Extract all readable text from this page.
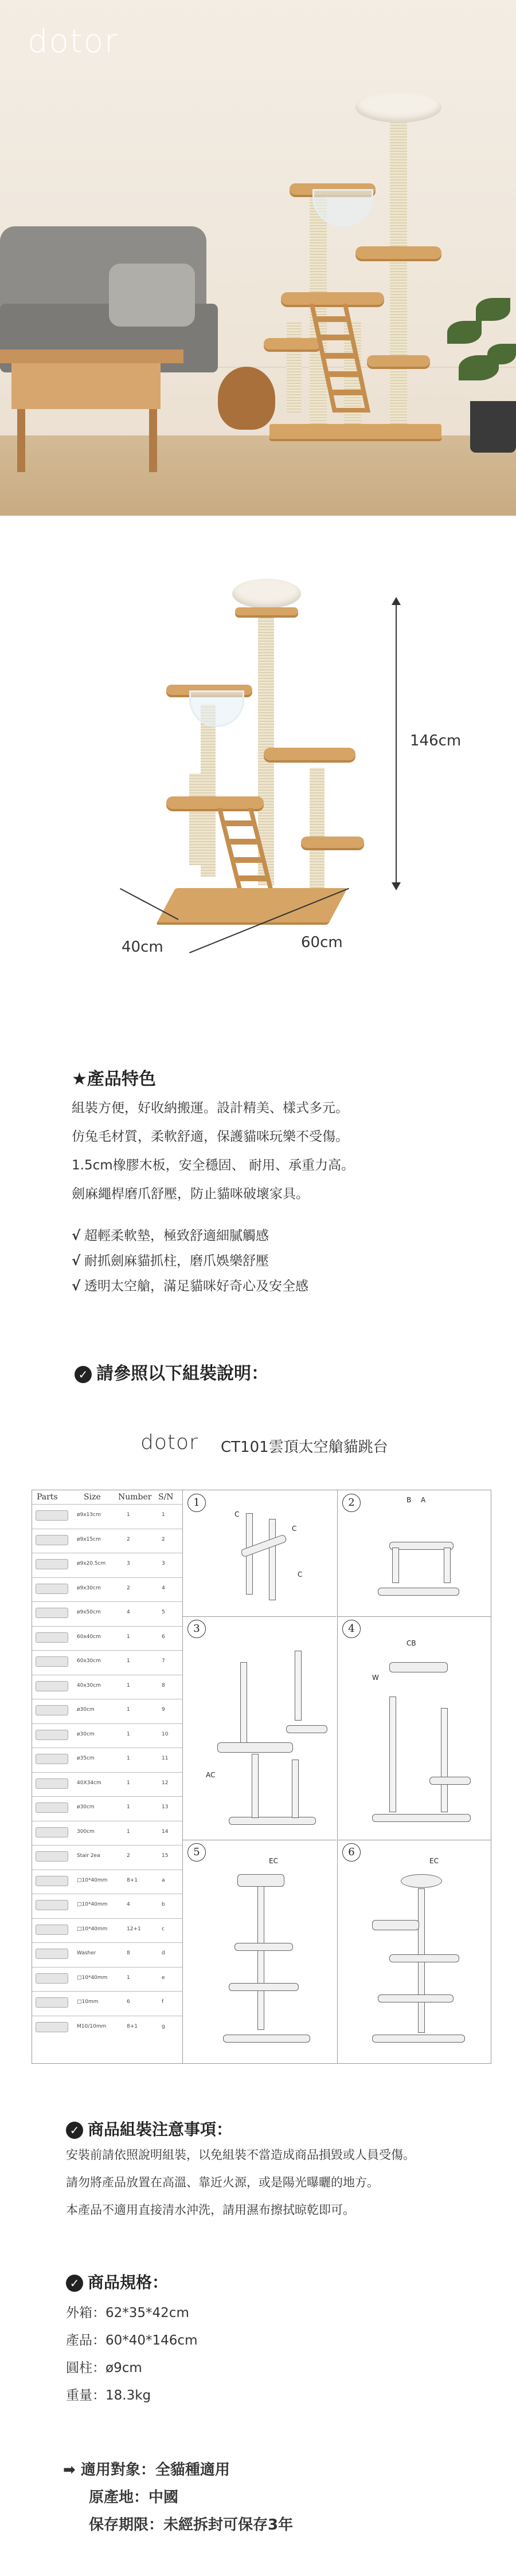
dotor
146cm
40cm	60cm
★產品特色
組裝方便，好收納搬運。設計精美、樣式多元。
仿兔毛材質，柔軟舒適，保護貓咪玩樂不受傷。
1.5cm橡膠木板，安全穩固、 耐用、承重力高。
劍麻繩桿磨爪舒壓，防止貓咪破壞家具。
√ 超輕柔軟墊，極致舒適細膩觸感
√ 耐抓劍麻貓抓柱，磨爪娛樂舒壓
√ 透明太空艙，滿足貓咪好奇心及安全感
✓ 請參照以下組裝說明：
dotor CT101雲頂太空艙貓跳台
Parts	Size Number S/N
ø9x13cm	1	1
ø9x15cm	2	2
ø9x20.5cm	3	3
ø9x30cm	2	4
ø9x50cm	4	5
60x40cm	1	6
60x30cm	1	7
40x30cm	1	8
ø30cm	1	9
ø30cm	1	10
ø35cm	1	11
40X34cm	1	12
ø30cm	1	13
300cm	1	14
Stair 2ea	2	15
□10*40mm	8+1	a
□10*40mm	4	b
□10*40mm	12+1	c
Washer	8	d
□10*40mm	1	e
□10mm	6	f
M10/10mm	8+1	g
1
C
C
C
2	B A
3
AC
4
CB
W
5
EC
6
EC
✓ 商品組裝注意事項：
安裝前請依照說明組裝，以免組裝不當造成商品損毀或人員受傷。
請勿將產品放置在高溫、靠近火源，或是陽光曝曬的地方。
本產品不適用直接清水沖洗，請用濕布擦拭晾乾即可。
✓ 商品規格：
外箱：62*35*42cm
產品：60*40*146cm
圓柱：ø9cm
重量：18.3kg
➡ 適用對象：全貓種適用
原產地：中國
保存期限：未經拆封可保存3年
